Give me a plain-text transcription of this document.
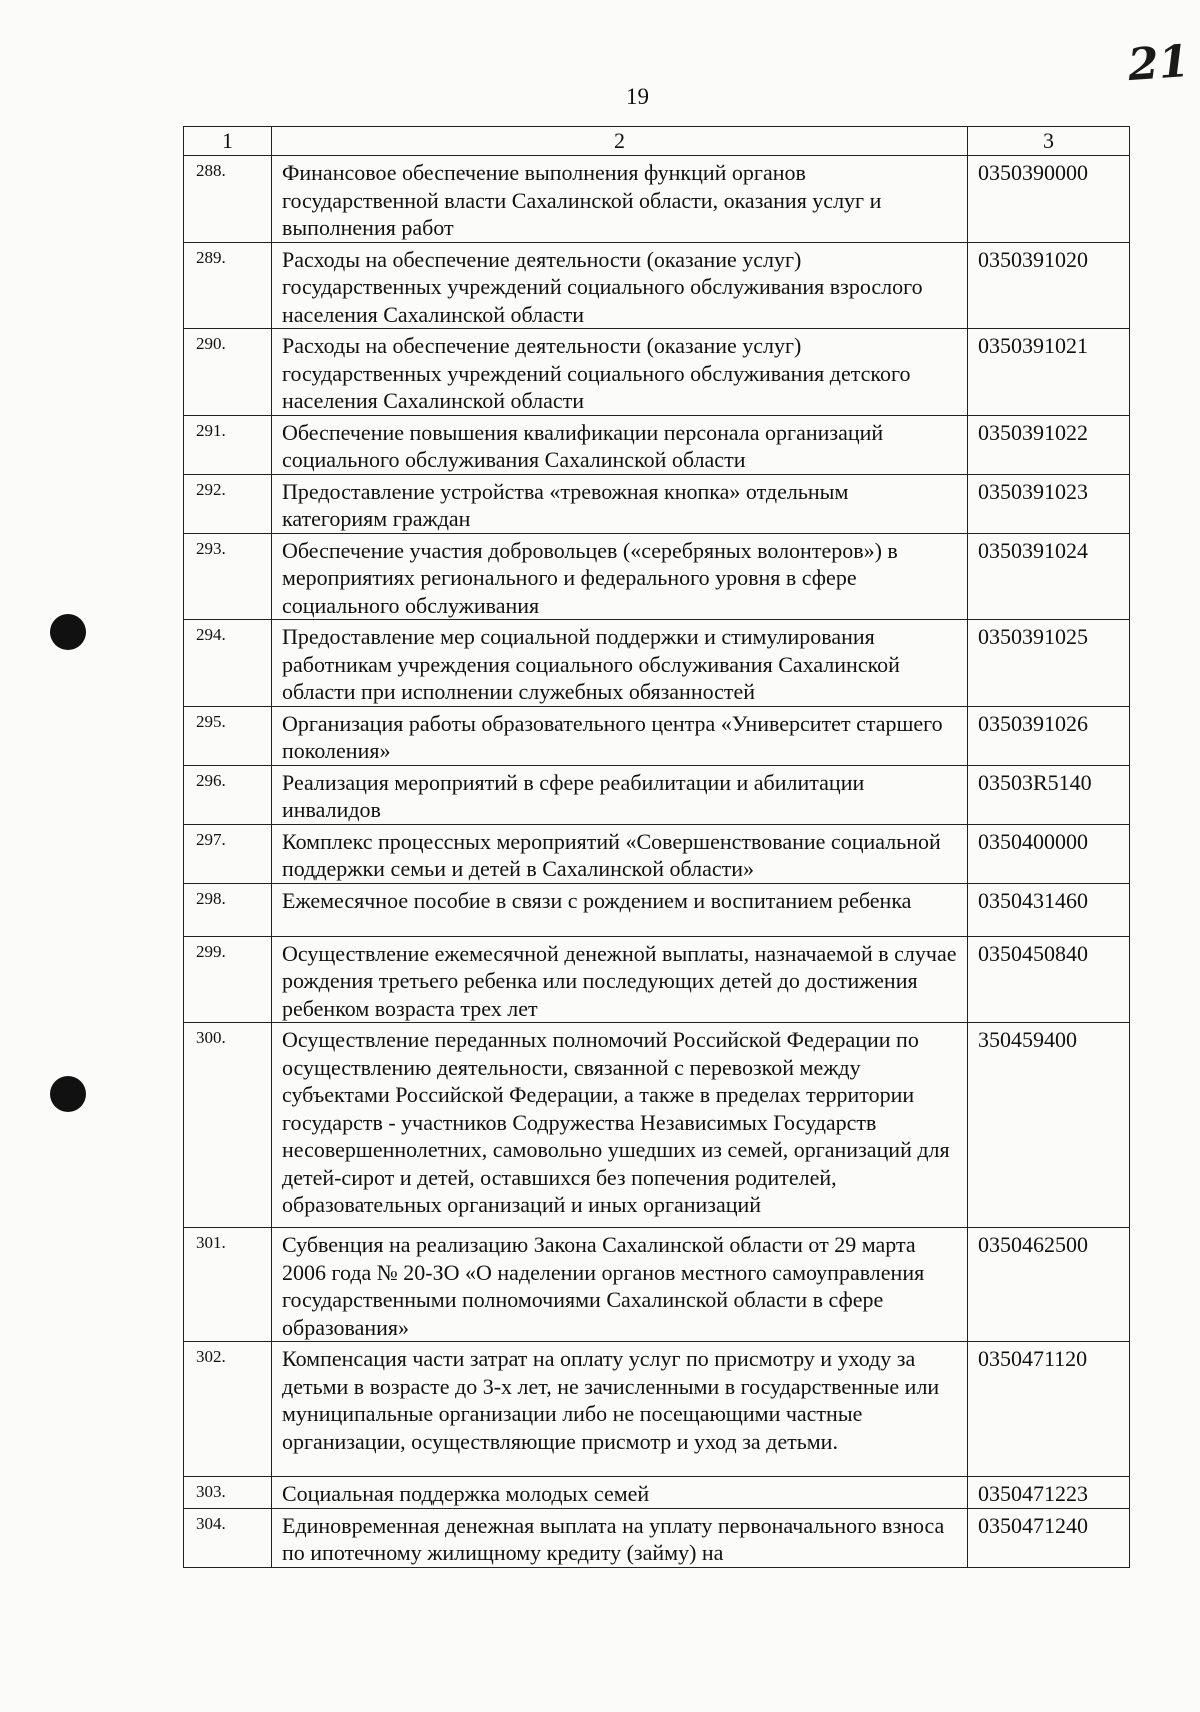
19
21
1	2	3
288.	Финансовое обеспечение выполнения функций органов государственной власти Сахалинской области, оказания услуг и выполнения работ	0350390000
289.	Расходы на обеспечение деятельности (оказание услуг) государственных учреждений социального обслуживания взрослого населения Сахалинской области	0350391020
290.	Расходы на обеспечение деятельности (оказание услуг) государственных учреждений социального обслуживания детского населения Сахалинской области	0350391021
291.	Обеспечение повышения квалификации персонала организаций социального обслуживания Сахалинской области	0350391022
292.	Предоставление устройства «тревожная кнопка» отдельным категориям граждан	0350391023
293.	Обеспечение участия добровольцев («серебряных волонтеров») в мероприятиях регионального и федерального уровня в сфере социального обслуживания	0350391024
294.	Предоставление мер социальной поддержки и стимулирования работникам учреждения социального обслуживания Сахалинской области при исполнении служебных обязанностей	0350391025
295.	Организация работы образовательного центра «Университет старшего поколения»	0350391026
296.	Реализация мероприятий в сфере реабилитации и абилитации инвалидов	03503R5140
297.	Комплекс процессных мероприятий «Совершенствование социальной поддержки семьи и детей в Сахалинской области»	0350400000
298.	Ежемесячное пособие в связи с рождением и воспитанием ребенка	0350431460
299.	Осуществление ежемесячной денежной выплаты, назначаемой в случае рождения третьего ребенка или последующих детей до достижения ребенком возраста трех лет	0350450840
300.	Осуществление переданных полномочий Российской Федерации по осуществлению деятельности, связанной с перевозкой между субъектами Российской Федерации, а также в пределах территории государств - участников Содружества Независимых Государств несовершеннолетних, самовольно ушедших из семей, организаций для детей-сирот и детей, оставшихся без попечения родителей, образовательных организаций и иных организаций	350459400
301.	Субвенция на реализацию Закона Сахалинской области от 29 марта 2006 года № 20-ЗО «О наделении органов местного самоуправления государственными полномочиями Сахалинской области в сфере образования»	0350462500
302.	Компенсация части затрат на оплату услуг по присмотру и уходу за детьми в возрасте до 3-х лет, не зачисленными в государственные или муниципальные организации либо не посещающими частные организации, осуществляющие присмотр и уход за детьми.	0350471120
303.	Социальная поддержка молодых семей	0350471223
304.	Единовременная денежная выплата на уплату первоначального взноса по ипотечному жилищному кредиту (займу) на	0350471240
